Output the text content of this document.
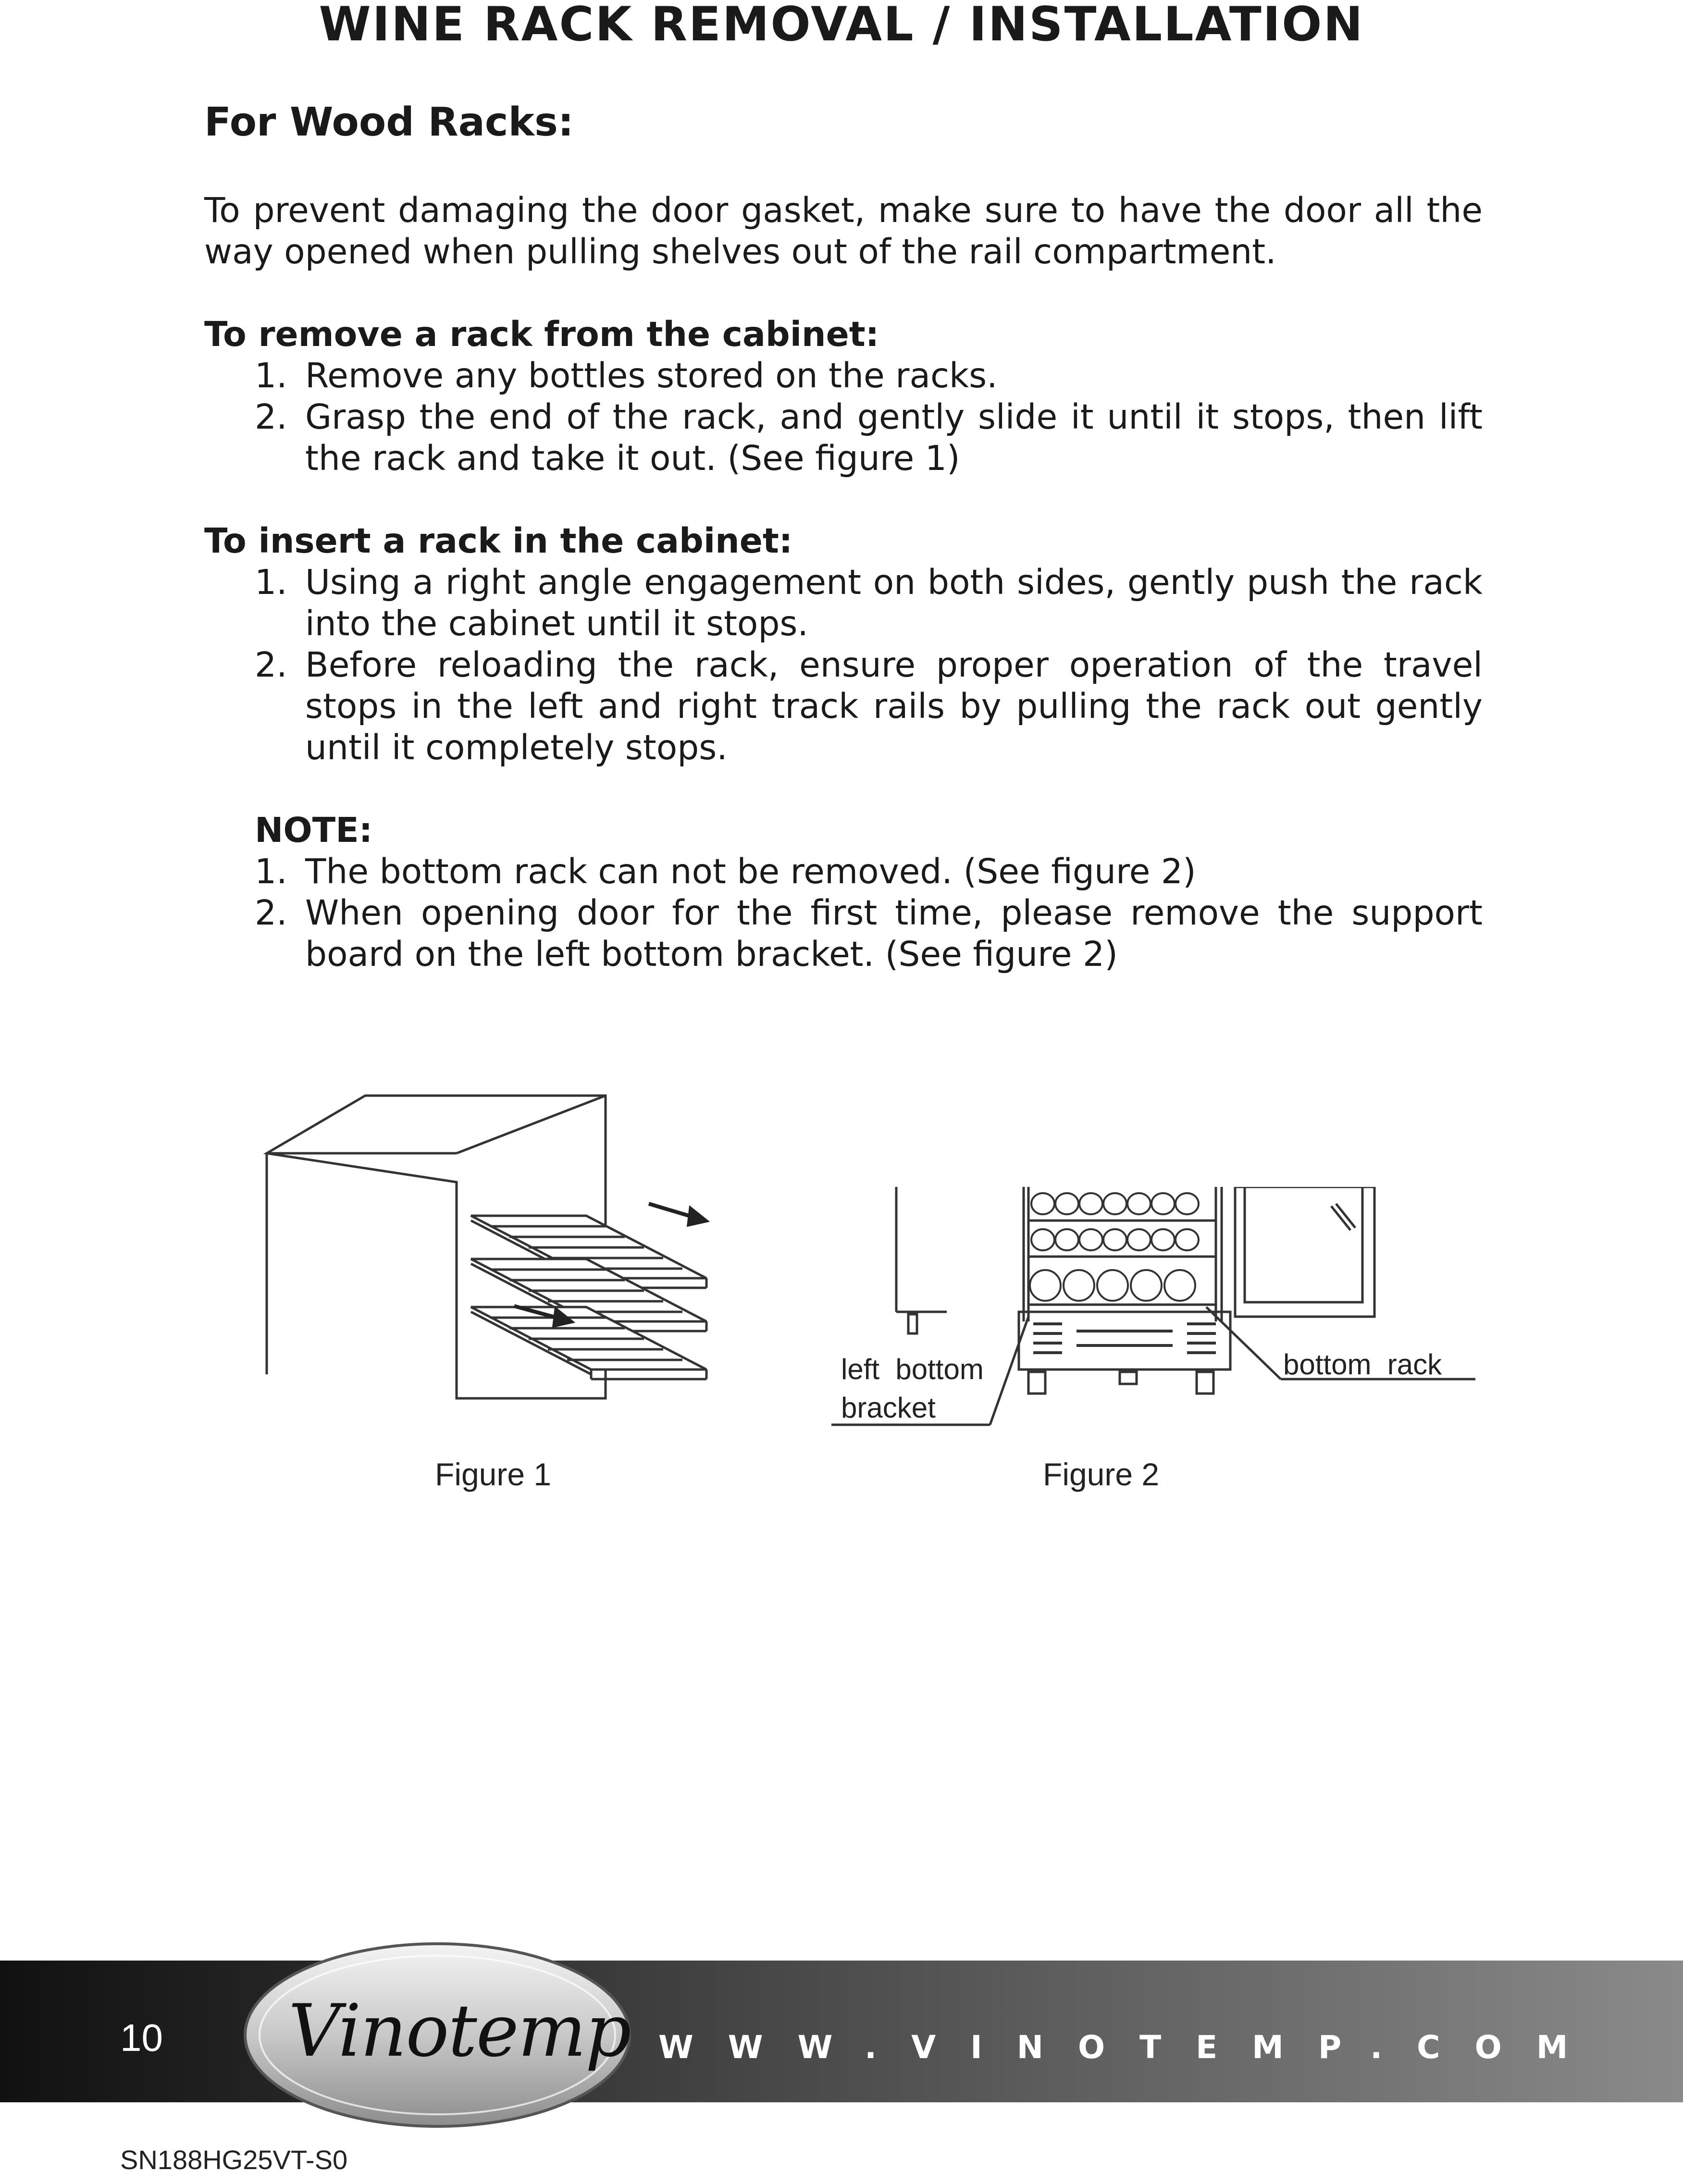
WINE RACK REMOVAL / INSTALLATION
For Wood Racks:

To prevent damaging the door gasket, make sure to have the door all the way opened when pulling shelves out of the rail compartment.

To remove a rack from the cabinet:
1. Remove any bottles stored on the racks.
2. Grasp the end of the rack, and gently slide it until it stops, then lift the rack and take it out. (See figure 1)
To insert a rack in the cabinet:
1. Using a right angle engagement on both sides, gently push the rack into the cabinet until it stops.
2. Before reloading the rack, ensure proper operation of the travel stops in the left and right track rails by pulling the rack out gently until it completely stops.
NOTE:
1. The bottom rack can not be removed. (See figure 2)
2. When opening door for the first time, please remove the support board on the left bottom bracket. (See figure 2)
left  bottom
bracket
bottom  rack
Figure 1	Figure 2
10 Vinotemp WWW.VINOTEMP.COM
SN188HG25VT-S0
